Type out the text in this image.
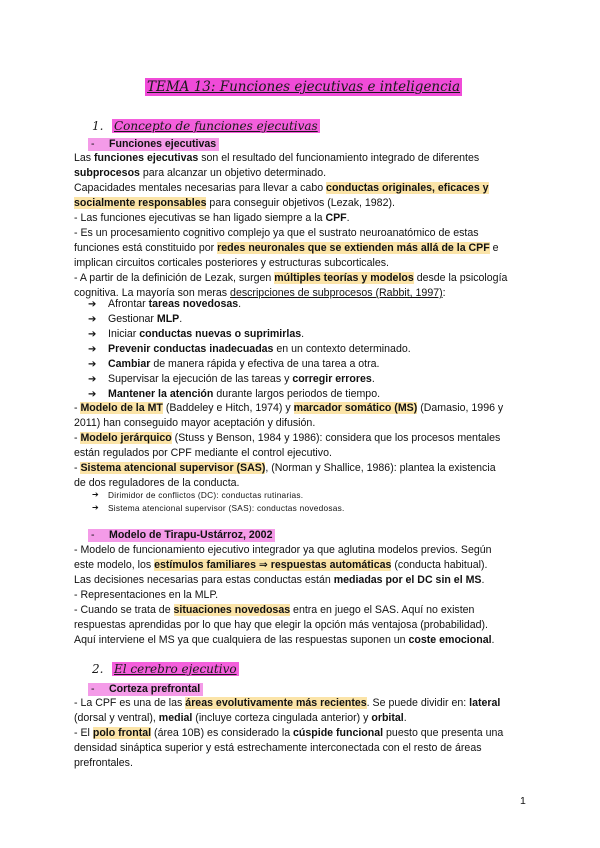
TEMA 13: Funciones ejecutivas e inteligencia
1. Concepto de funciones ejecutivas
- Funciones ejecutivas

Las funciones ejecutivas son el resultado del funcionamiento integrado de diferentes

subprocesos para alcanzar un objetivo determinado.

Capacidades mentales necesarias para llevar a cabo conductas originales, eficaces y

socialmente responsables para conseguir objetivos (Lezak, 1982).

- Las funciones ejecutivas se han ligado siempre a la CPF.

- Es un procesamiento cognitivo complejo ya que el sustrato neuroanatómico de estas

funciones está constituido por redes neuronales que se extienden más allá de la CPF e

implican circuitos corticales posteriores y estructuras subcorticales.

- A partir de la definición de Lezak, surgen múltiples teorías y modelos desde la psicología

cognitiva. La mayoría son meras descripciones de subprocesos (Rabbit, 1997):

➔ Afrontar tareas novedosas.
➔ Gestionar MLP.
➔ Iniciar conductas nuevas o suprimirlas.
➔ Prevenir conductas inadecuadas en un contexto determinado.
➔ Cambiar de manera rápida y efectiva de una tarea a otra.
➔ Supervisar la ejecución de las tareas y corregir errores.
➔ Mantener la atención durante largos periodos de tiempo.

- Modelo de la MT (Baddeley e Hitch, 1974) y marcador somático (MS) (Damasio, 1996 y

2011) han conseguido mayor aceptación y difusión.

- Modelo jerárquico (Stuss y Benson, 1984 y 1986): considera que los procesos mentales

están regulados por CPF mediante el control ejecutivo.

- Sistema atencional supervisor (SAS), (Norman y Shallice, 1986): plantea la existencia

de dos reguladores de la conducta.

➔ Dirimidor de conflictos (DC): conductas rutinarias.
➔ Sistema atencional supervisor (SAS): conductas novedosas.
- Modelo de Tirapu-Ustárroz, 2002

- Modelo de funcionamiento ejecutivo integrador ya que aglutina modelos previos. Según

este modelo, los estímulos familiares ⇒ respuestas automáticas (conducta habitual).

Las decisiones necesarias para estas conductas están mediadas por el DC sin el MS.

- Representaciones en la MLP.

- Cuando se trata de situaciones novedosas entra en juego el SAS. Aquí no existen

respuestas aprendidas por lo que hay que elegir la opción más ventajosa (probabilidad).

Aquí interviene el MS ya que cualquiera de las respuestas suponen un coste emocional.

2. El cerebro ejecutivo
- Corteza prefrontal

- La CPF es una de las áreas evolutivamente más recientes. Se puede dividir en: lateral

(dorsal y ventral), medial (incluye corteza cingulada anterior) y orbital.

- El polo frontal (área 10B) es considerado la cúspide funcional puesto que presenta una

densidad sináptica superior y está estrechamente interconectada con el resto de áreas

prefrontales.

1
